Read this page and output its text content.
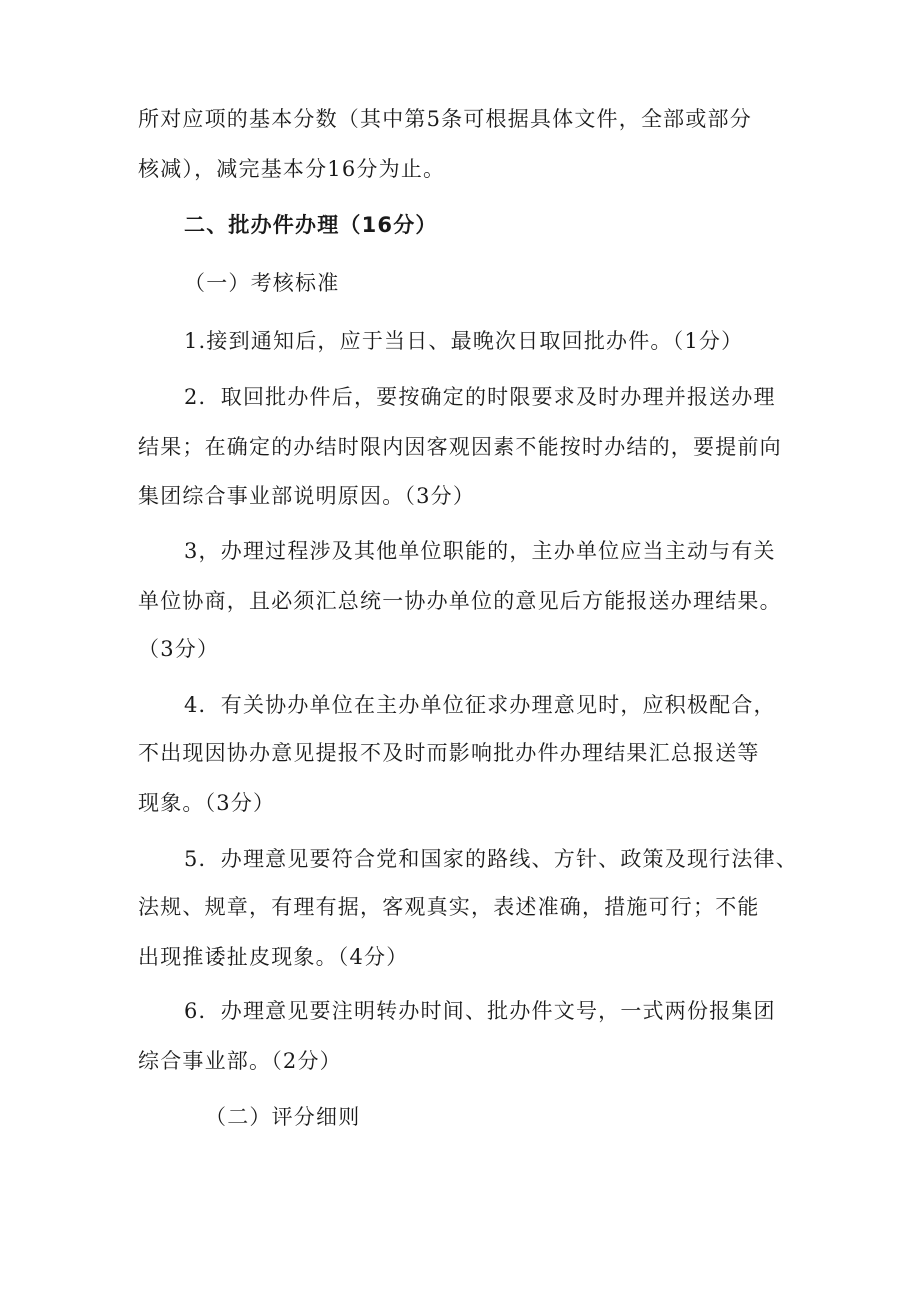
所对应项的基本分数（其中第5条可根据具体文件，全部或部分
核减），减完基本分16分为止。
二、批办件办理（16分）
（一）考核标准
1.接到通知后，应于当日、最晚次日取回批办件。（1分）
2．取回批办件后，要按确定的时限要求及时办理并报送办理
结果；在确定的办结时限内因客观因素不能按时办结的，要提前向
集团综合事业部说明原因。（3分）
3，办理过程涉及其他单位职能的，主办单位应当主动与有关
单位协商，且必须汇总统一协办单位的意见后方能报送办理结果。
（3分）
4．有关协办单位在主办单位征求办理意见时，应积极配合，
不出现因协办意见提报不及时而影响批办件办理结果汇总报送等
现象。（3分）
5．办理意见要符合党和国家的路线、方针、政策及现行法律、
法规、规章，有理有据，客观真实，表述准确，措施可行；不能
出现推诿扯皮现象。（4分）
6．办理意见要注明转办时间、批办件文号，一式两份报集团
综合事业部。（2分）
（二）评分细则
